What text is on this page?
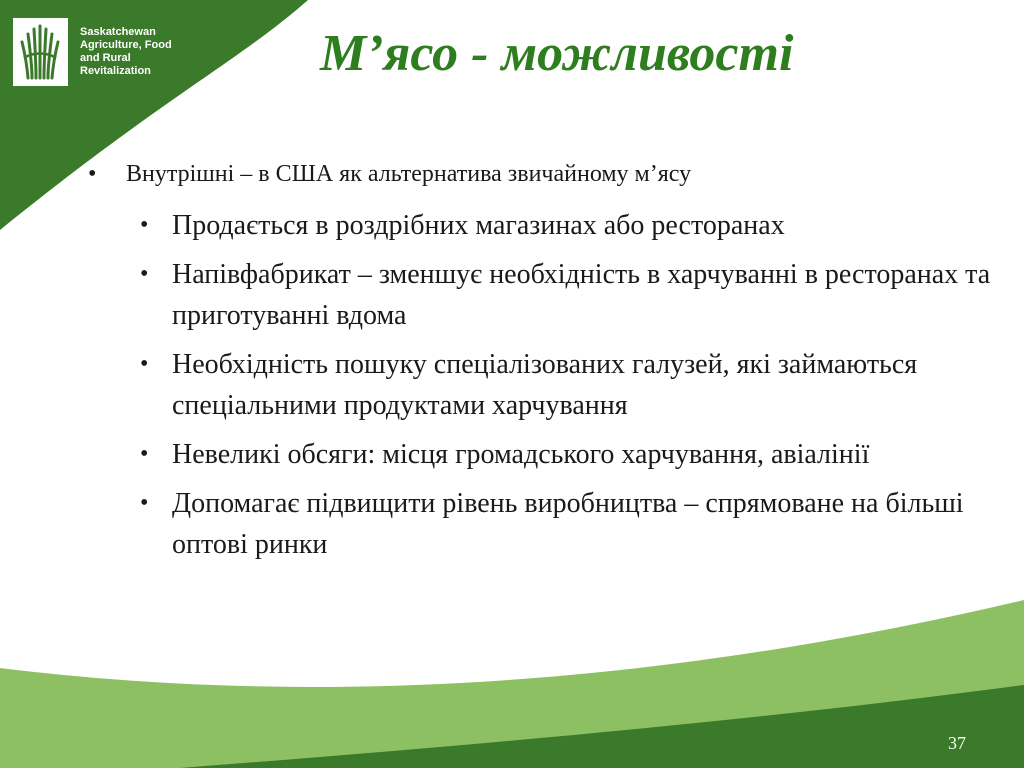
Saskatchewan
Agriculture, Food
and Rural
Revitalization	М’ясо - можливості
• Внутрішні – в США як альтернатива звичайному м’ясу
• Продається в роздрібних магазинах або ресторанах
• Напівфабрикат – зменшує необхідність в харчуванні в ресторанах та приготуванні вдома
• Необхідність пошуку спеціалізованих галузей, які займаються спеціальними продуктами харчування
• Невеликі обсяги: місця громадського харчування, авіалінії
• Допомагає підвищити рівень виробництва – спрямоване на більші оптові ринки
37
